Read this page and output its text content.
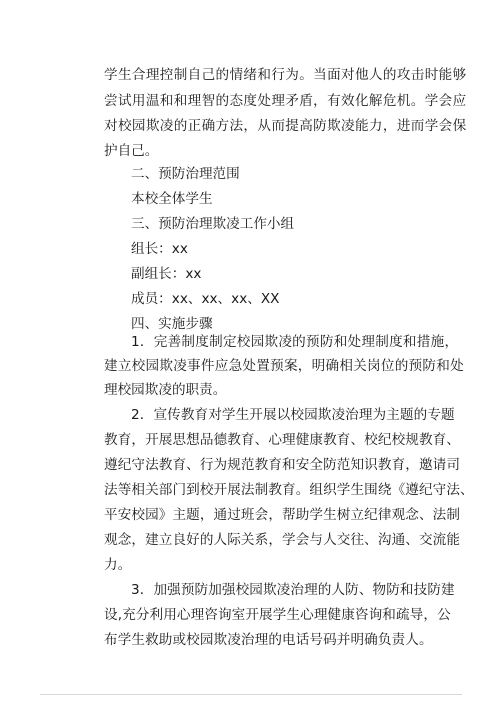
学生合理控制自己的情绪和行为。当面对他人的攻击时能够
尝试用温和和理智的态度处理矛盾，有效化解危机。学会应
对校园欺凌的正确方法，从而提高防欺凌能力，进而学会保
护自己。
二、预防治理范围
本校全体学生
三、预防治理欺凌工作小组
组长：xx
副组长：xx
成员：xx、xx、xx、XX
四、实施步骤
1．完善制度制定校园欺凌的预防和处理制度和措施，
建立校园欺凌事件应急处置预案，明确相关岗位的预防和处
理校园欺凌的职责。
2．宣传教育对学生开展以校园欺凌治理为主题的专题
教育，开展思想品德教育、心理健康教育、校纪校规教育、
遵纪守法教育、行为规范教育和安全防范知识教育，邀请司
法等相关部门到校开展法制教育。组织学生围绕《遵纪守法、
平安校园》主题，通过班会，帮助学生树立纪律观念、法制
观念，建立良好的人际关系，学会与人交往、沟通、交流能
力。
3．加强预防加强校园欺凌治理的人防、物防和技防建
设,充分利用心理咨询室开展学生心理健康咨询和疏导，公
布学生救助或校园欺凌治理的电话号码并明确负责人。
